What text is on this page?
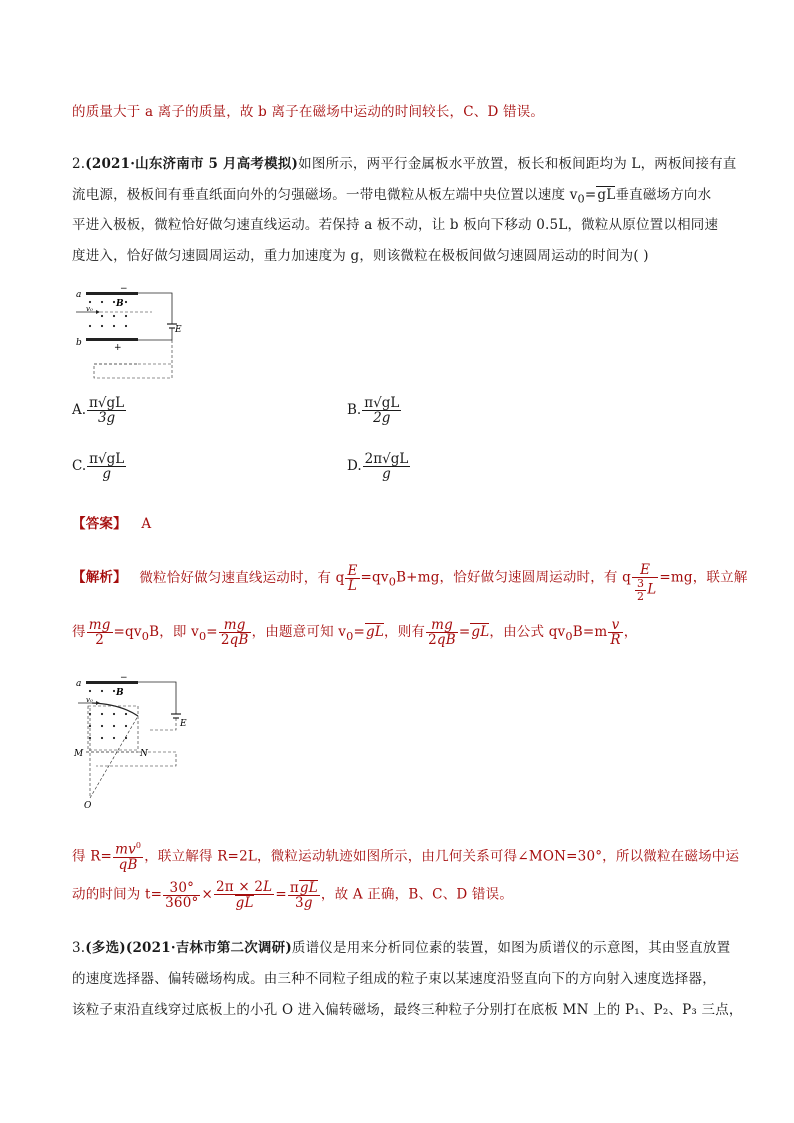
的质量大于 a 离子的质量，故 b 离子在磁场中运动的时间较长，C、D 错误。
2.(2021·山东济南市 5 月高考模拟)如图所示，两平行金属板水平放置，板长和板间距均为 L，两板间接有直
流电源，极板间有垂直纸面向外的匀强磁场。一带电微粒从板左端中央位置以速度 $v_0=gL$垂直磁场方向水
平进入极板，微粒恰好做匀速直线运动。若保持 a 板不动，让 b 板向下移动 0.5L，微粒从原位置以相同速
度进入，恰好做匀速圆周运动，重力加速度为 g，则该微粒在极板间做匀速圆周运动的时间为( )
a
−
B
v₀
b	+
E
A. $\frac{\pi√gL}{3g}$	B. $\frac{\pi√gL}{2g}$
C. $\frac{\pi√gL}{g}$	D. $\frac{2\pi√gL}{g}$
【答案】 A
【解析】 微粒恰好做匀速直线运动时，有 q $\frac{E}{L} =qv_0B+mg$，恰好做匀速圆周运动时，有 q $\frac{E}{\frac{3}{2} L} =mg$，联立解
得 $\frac{mg}{2} =qv_0B$，即 $v_0= \frac{mg}{2qB}$ ，由题意可知 $v_0=gL$，则有 $\frac{mg}{2qB} =gL$，由公式 $qv_0B=m \frac{v}{R}$ ，
a
−
B
v₀
E
M	N
O
得 $R= \frac{mv^0}{qB}$ ，联立解得 R=2L，微粒运动轨迹如图所示，由几何关系可得∠MON=30°，所以微粒在磁场中运
动的时间为 $t= \frac{30^\circ}{360^\circ} \times \frac{2\pi \times 2L}{gL} = \frac{\text{πgL}}{3g}$ ，故 A 正确，B、C、D 错误。
3.(多选)(2021·吉林市第二次调研)质谱仪是用来分析同位素的装置，如图为质谱仪的示意图，其由竖直放置
的速度选择器、偏转磁场构成。由三种不同粒子组成的粒子束以某速度沿竖直向下的方向射入速度选择器，
该粒子束沿直线穿过底板上的小孔 O 进入偏转磁场，最终三种粒子分别打在底板 MN 上的 P₁、P₂、P₃ 三点，
